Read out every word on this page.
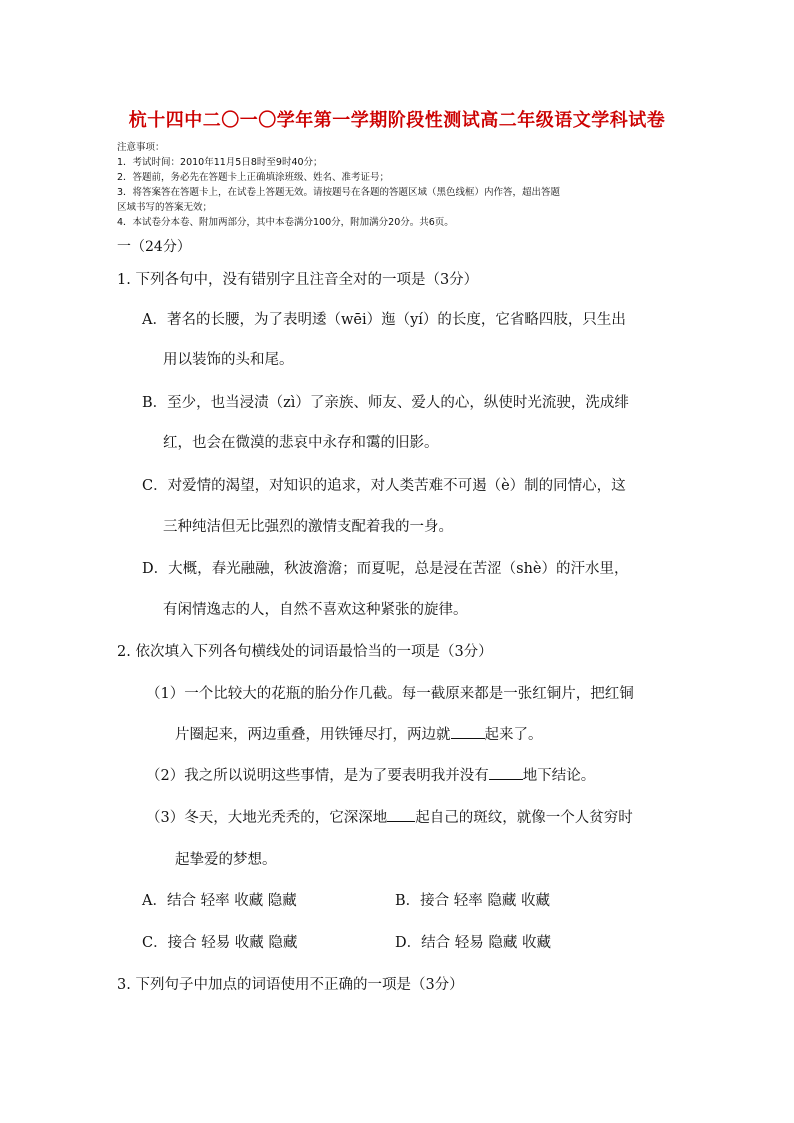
杭十四中二〇一〇学年第一学期阶段性测试高二年级语文学科试卷
注意事项：
1．考试时间：2010年11月5日8时至9时40分；
2．答题前，务必先在答题卡上正确填涂班级、姓名、准考证号；
3．将答案答在答题卡上，在试卷上答题无效。请按题号在各题的答题区域（黑色线框）内作答，超出答题
区域书写的答案无效；
4．本试卷分本卷、附加两部分，其中本卷满分100分，附加满分20分。共6页。
一（24分）
1. 下列各句中，没有错别字且注音全对的一项是（3分）
A．著名的长腰，为了表明逶（wēi）迤（yí）的长度，它省略四肢，只生出
用以装饰的头和尾。
B．至少，也当浸渍（zì）了亲族、师友、爱人的心，纵使时光流驶，洗成绯
红，也会在微漠的悲哀中永存和霭的旧影。
C．对爱情的渴望，对知识的追求，对人类苦难不可遏（è）制的同情心，这
三种纯洁但无比强烈的激情支配着我的一身。
D．大概，春光融融，秋波澹澹；而夏呢，总是浸在苦涩（shè）的汗水里，
有闲情逸志的人，自然不喜欢这种紧张的旋律。
2. 依次填入下列各句横线处的词语最恰当的一项是（3分）
（1）一个比较大的花瓶的胎分作几截。每一截原来都是一张红铜片，把红铜
片圈起来，两边重叠，用铁锤尽打，两边就 起来了。
（2）我之所以说明这些事情，是为了要表明我并没有 地下结论。
（3）冬天，大地光秃秃的，它深深地 起自己的斑纹，就像一个人贫穷时
起挚爱的梦想。
A．结合 轻率 收藏 隐藏	B．接合 轻率 隐藏 收藏
C．接合 轻易 收藏 隐藏	D．结合 轻易 隐藏 收藏
3. 下列句子中加点的词语使用不正确的一项是（3分）
